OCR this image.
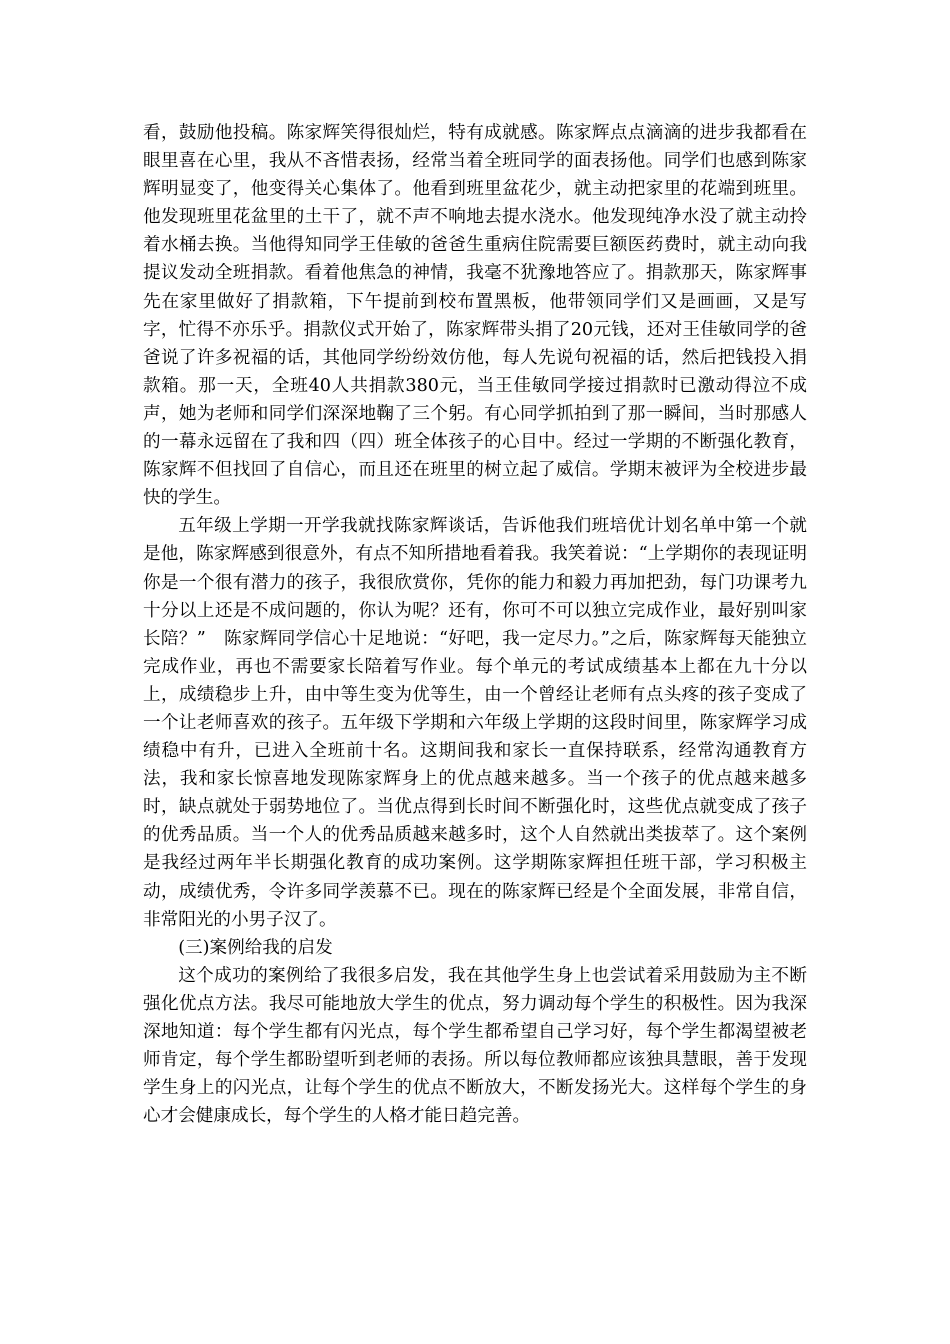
看，鼓励他投稿。陈家辉笑得很灿烂，特有成就感。陈家辉点点滴滴的进步我都看在眼里喜在心里，我从不吝惜表扬，经常当着全班同学的面表扬他。同学们也感到陈家辉明显变了，他变得关心集体了。他看到班里盆花少，就主动把家里的花端到班里。他发现班里花盆里的土干了，就不声不响地去提水浇水。他发现纯净水没了就主动拎着水桶去换。当他得知同学王佳敏的爸爸生重病住院需要巨额医药费时，就主动向我提议发动全班捐款。看着他焦急的神情，我毫不犹豫地答应了。捐款那天，陈家辉事先在家里做好了捐款箱，下午提前到校布置黑板，他带领同学们又是画画，又是写字，忙得不亦乐乎。捐款仪式开始了，陈家辉带头捐了20元钱，还对王佳敏同学的爸爸说了许多祝福的话，其他同学纷纷效仿他，每人先说句祝福的话，然后把钱投入捐款箱。那一天，全班40人共捐款380元，当王佳敏同学接过捐款时已激动得泣不成声，她为老师和同学们深深地鞠了三个躬。有心同学抓拍到了那一瞬间，当时那感人的一幕永远留在了我和四（四）班全体孩子的心目中。经过一学期的不断强化教育，陈家辉不但找回了自信心，而且还在班里的树立起了威信。学期末被评为全校进步最快的学生。

五年级上学期一开学我就找陈家辉谈话，告诉他我们班培优计划名单中第一个就是他，陈家辉感到很意外，有点不知所措地看着我。我笑着说：“上学期你的表现证明你是一个很有潜力的孩子，我很欣赏你，凭你的能力和毅力再加把劲，每门功课考九十分以上还是不成问题的，你认为呢？还有，你可不可以独立完成作业，最好别叫家长陪？”　陈家辉同学信心十足地说：“好吧，我一定尽力。”之后，陈家辉每天能独立完成作业，再也不需要家长陪着写作业。每个单元的考试成绩基本上都在九十分以上，成绩稳步上升，由中等生变为优等生，由一个曾经让老师有点头疼的孩子变成了一个让老师喜欢的孩子。五年级下学期和六年级上学期的这段时间里，陈家辉学习成绩稳中有升，已进入全班前十名。这期间我和家长一直保持联系，经常沟通教育方法，我和家长惊喜地发现陈家辉身上的优点越来越多。当一个孩子的优点越来越多时，缺点就处于弱势地位了。当优点得到长时间不断强化时，这些优点就变成了孩子的优秀品质。当一个人的优秀品质越来越多时，这个人自然就出类拔萃了。这个案例是我经过两年半长期强化教育的成功案例。这学期陈家辉担任班干部，学习积极主动，成绩优秀，令许多同学羡慕不已。现在的陈家辉已经是个全面发展，非常自信，非常阳光的小男子汉了。

(三)案例给我的启发

这个成功的案例给了我很多启发，我在其他学生身上也尝试着采用鼓励为主不断强化优点方法。我尽可能地放大学生的优点，努力调动每个学生的积极性。因为我深深地知道：每个学生都有闪光点，每个学生都希望自己学习好，每个学生都渴望被老师肯定，每个学生都盼望听到老师的表扬。所以每位教师都应该独具慧眼，善于发现学生身上的闪光点，让每个学生的优点不断放大，不断发扬光大。这样每个学生的身心才会健康成长，每个学生的人格才能日趋完善。
